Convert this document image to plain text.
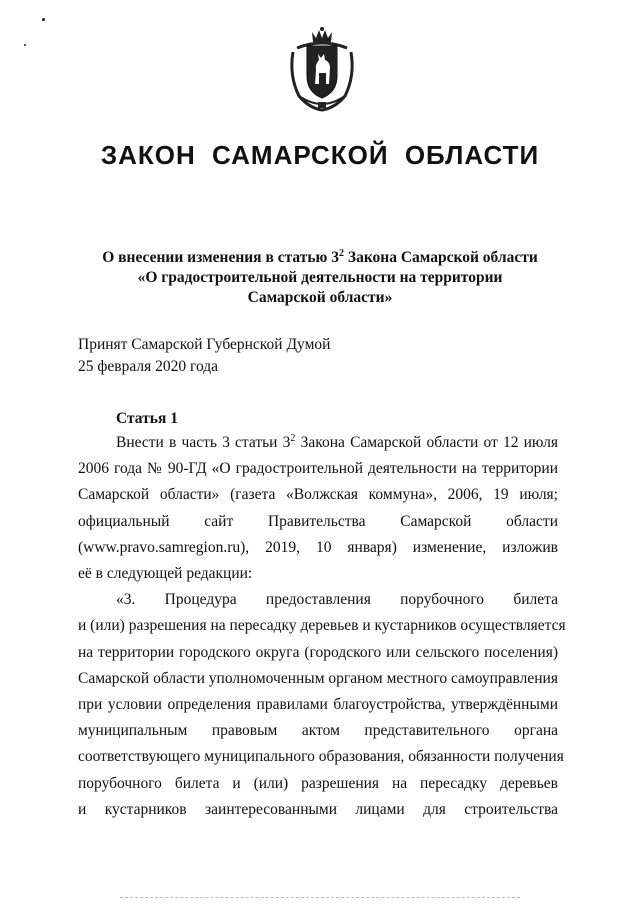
ЗАКОН САМАРСКОЙ ОБЛАСТИ
О внесении изменения в статью $3^2$ Закона Самарской области
«О градостроительной деятельности на территории
Самарской области»
Принят Самарской Губернской Думой
25 февраля 2020 года
Статья 1
Внести в часть 3 статьи $3^2$ Закона Самарской области от 12 июля
2006 года № 90-ГД «О градостроительной деятельности на территории
Самарской области» (газета «Волжская коммуна», 2006, 19 июля;
официальный сайт Правительства Самарской области
(www.pravo.samregion.ru), 2019, 10 января) изменение, изложив
её в следующей редакции:
«3. Процедура предоставления порубочного билета
и (или) разрешения на пересадку деревьев и кустарников осуществляется
на территории городского округа (городского или сельского поселения)
Самарской области уполномоченным органом местного самоуправления
при условии определения правилами благоустройства, утверждёнными
муниципальным правовым актом представительного органа
соответствующего муниципального образования, обязанности получения
порубочного билета и (или) разрешения на пересадку деревьев
и кустарников заинтересованными лицами для строительства
